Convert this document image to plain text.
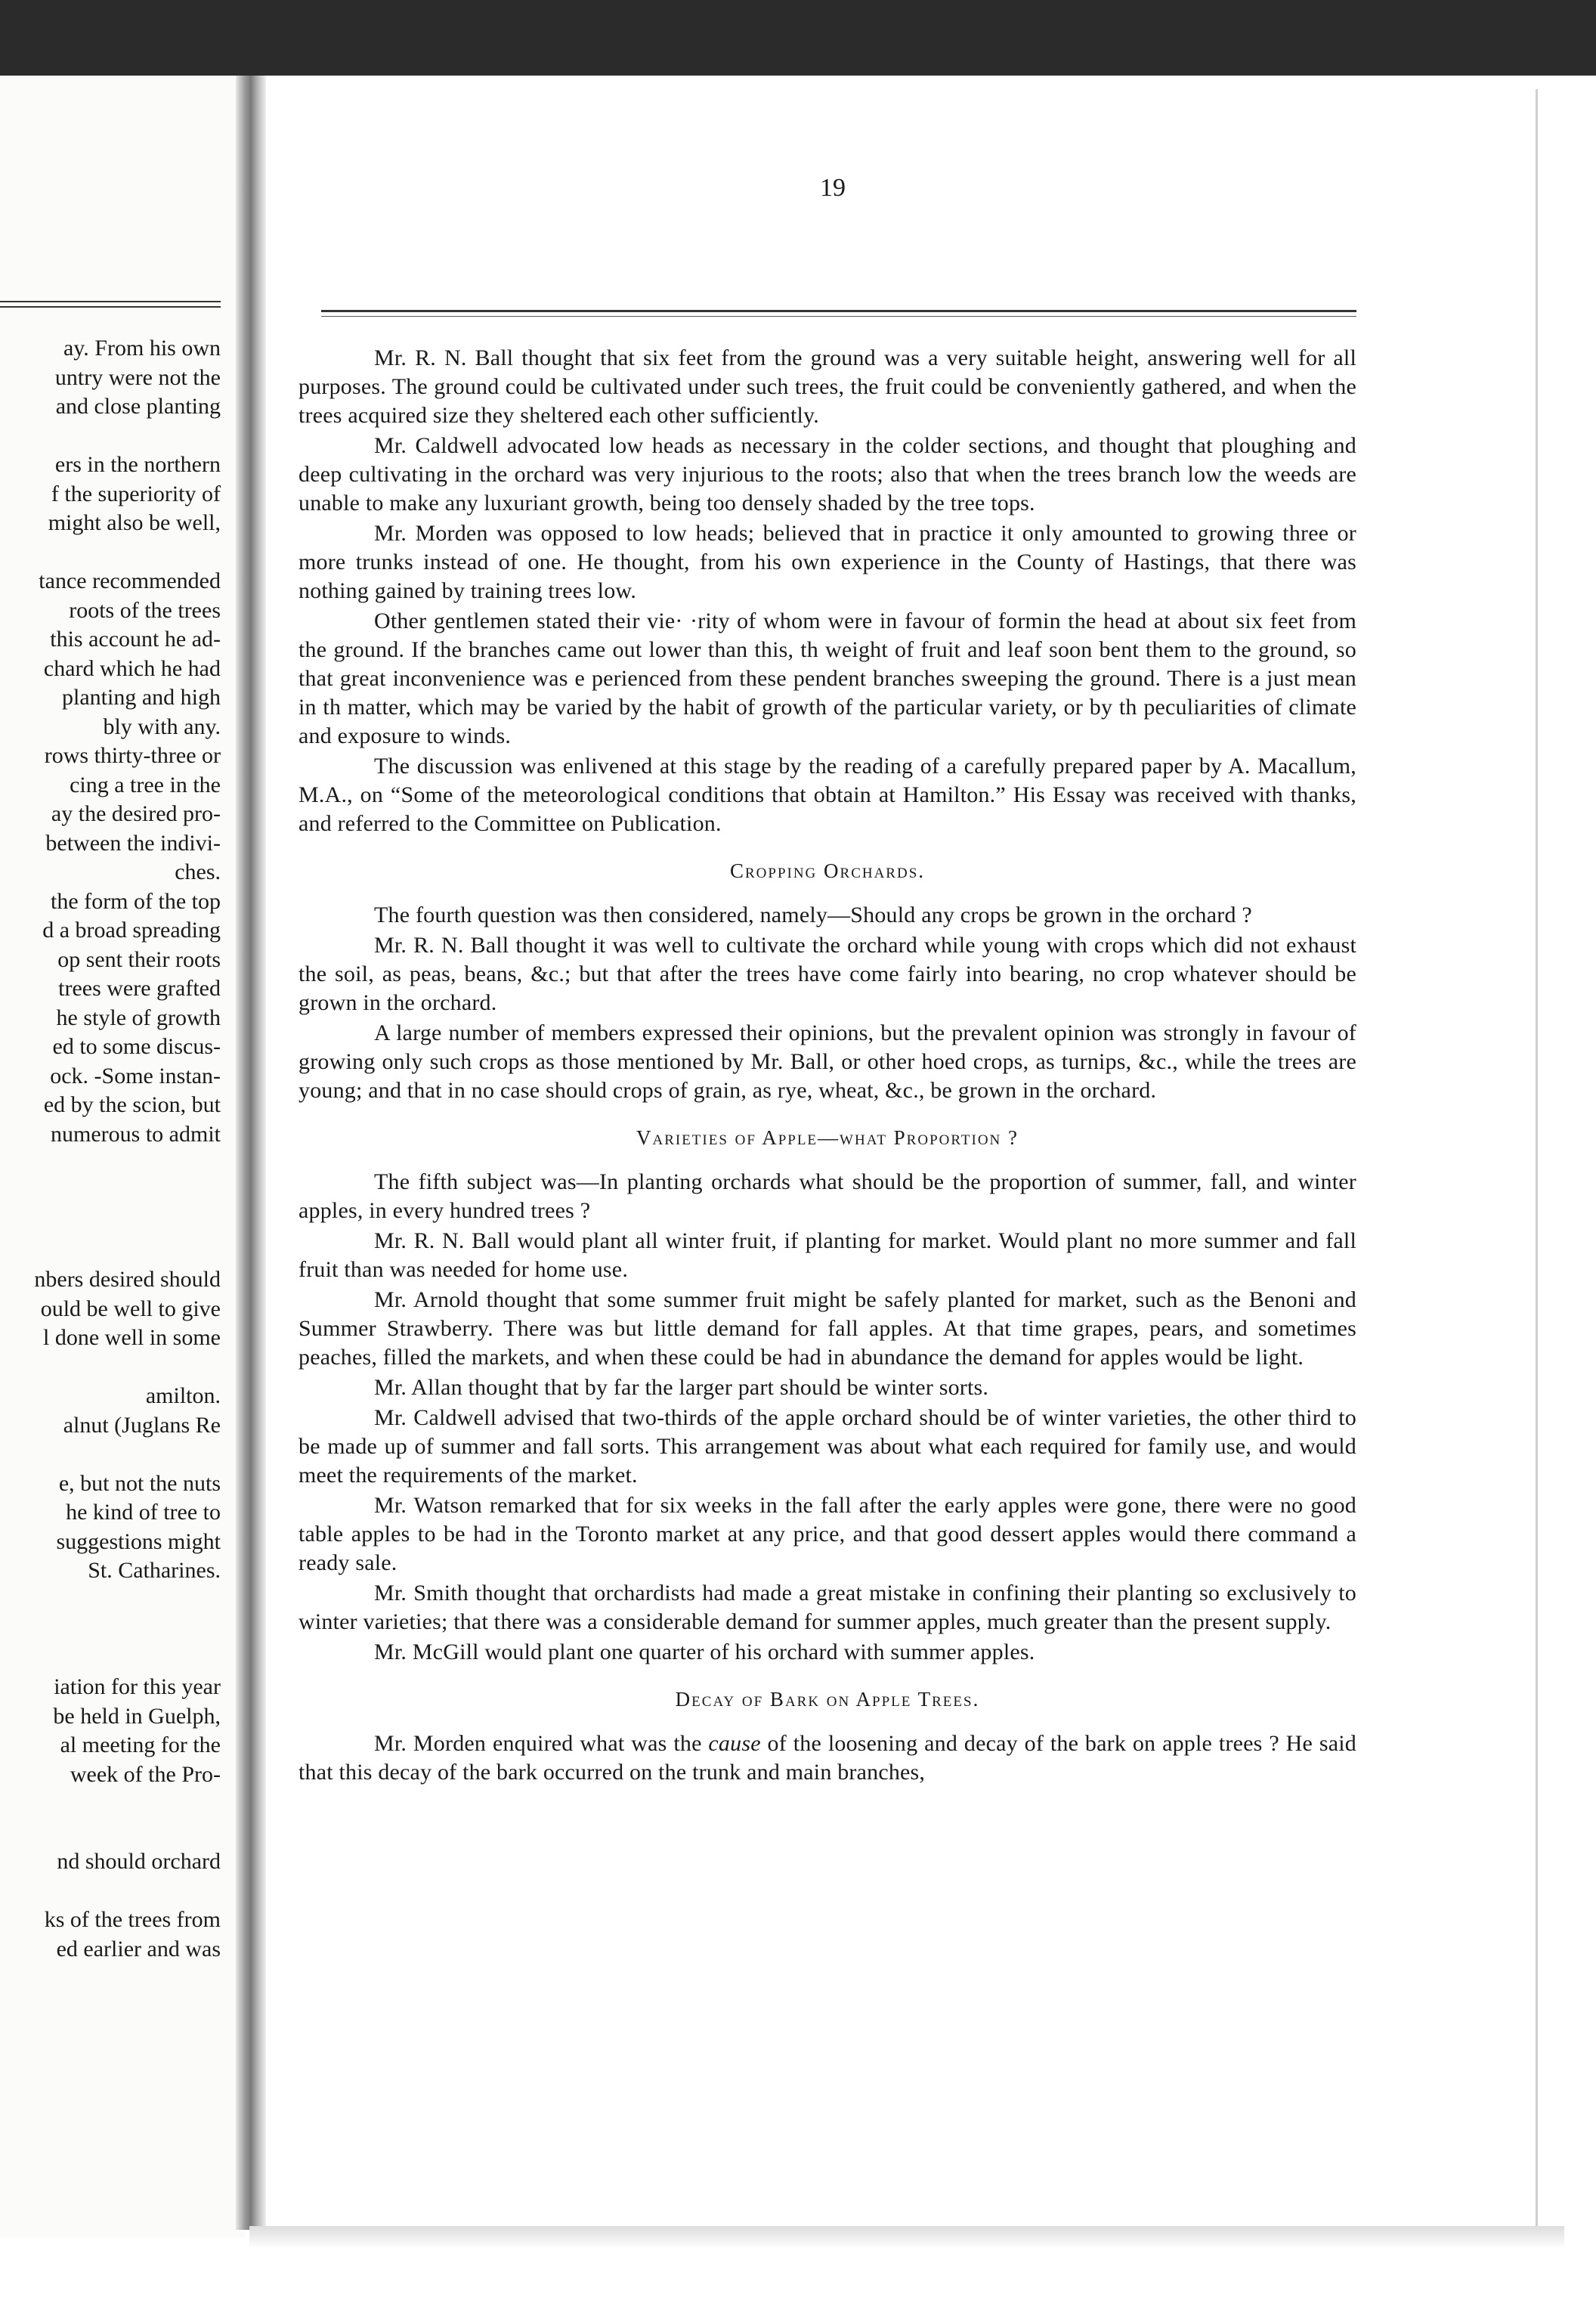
ay. From his own
untry were not the
and close planting
ers in the northern
f the superiority of
might also be well,
tance recommended
roots of the trees
this account he ad-
chard which he had
planting and high
bly with any.
rows thirty-three or
cing a tree in the
ay the desired pro-
between the indivi-
ches.
the form of the top
d a broad spreading
op sent their roots
trees were grafted
he style of growth
ed to some discus-
ock. -Some instan-
ed by the scion, but
numerous to admit
nbers desired should
ould be well to give
l done well in some
amilton.
alnut (Juglans Re
e, but not the nuts
he kind of tree to
suggestions might
St. Catharines.
iation for this year
be held in Guelph,
al meeting for the
week of the Pro-
nd should orchard
ks of the trees from
ed earlier and was
19

Mr. R. N. Ball thought that six feet from the ground was a very suitable height, answering well for all purposes. The ground could be cultivated under such trees, the fruit could be conveniently gathered, and when the trees acquired size they sheltered each other sufficiently.

Mr. Caldwell advocated low heads as necessary in the colder sections, and thought that ploughing and deep cultivating in the orchard was very injurious to the roots; also that when the trees branch low the weeds are unable to make any luxuriant growth, being too densely shaded by the tree tops.

Mr. Morden was opposed to low heads; believed that in practice it only amounted to growing three or more trunks instead of one. He thought, from his own experience in the County of Hastings, that there was nothing gained by training trees low.

Other gentlemen stated their vie· ·rity of whom were in favour of formin the head at about six feet from the ground. If the branches came out lower than this, th weight of fruit and leaf soon bent them to the ground, so that great inconvenience was e perienced from these pendent branches sweeping the ground. There is a just mean in th matter, which may be varied by the habit of growth of the particular variety, or by th peculiarities of climate and exposure to winds.

The discussion was enlivened at this stage by the reading of a carefully prepared paper by A. Macallum, M.A., on “Some of the meteorological conditions that obtain at Hamilton.” His Essay was received with thanks, and referred to the Committee on Publication.

Cropping Orchards.

The fourth question was then considered, namely—Should any crops be grown in the orchard ?

Mr. R. N. Ball thought it was well to cultivate the orchard while young with crops which did not exhaust the soil, as peas, beans, &c.; but that after the trees have come fairly into bearing, no crop whatever should be grown in the orchard.

A large number of members expressed their opinions, but the prevalent opinion was strongly in favour of growing only such crops as those mentioned by Mr. Ball, or other hoed crops, as turnips, &c., while the trees are young; and that in no case should crops of grain, as rye, wheat, &c., be grown in the orchard.

Varieties of Apple—what Proportion ?

The fifth subject was—In planting orchards what should be the proportion of summer, fall, and winter apples, in every hundred trees ?

Mr. R. N. Ball would plant all winter fruit, if planting for market. Would plant no more summer and fall fruit than was needed for home use.

Mr. Arnold thought that some summer fruit might be safely planted for market, such as the Benoni and Summer Strawberry. There was but little demand for fall apples. At that time grapes, pears, and sometimes peaches, filled the markets, and when these could be had in abundance the demand for apples would be light.

Mr. Allan thought that by far the larger part should be winter sorts.

Mr. Caldwell advised that two-thirds of the apple orchard should be of winter varieties, the other third to be made up of summer and fall sorts. This arrangement was about what each required for family use, and would meet the requirements of the market.

Mr. Watson remarked that for six weeks in the fall after the early apples were gone, there were no good table apples to be had in the Toronto market at any price, and that good dessert apples would there command a ready sale.

Mr. Smith thought that orchardists had made a great mistake in confining their planting so exclusively to winter varieties; that there was a considerable demand for summer apples, much greater than the present supply.

Mr. McGill would plant one quarter of his orchard with summer apples.

Decay of Bark on Apple Trees.

Mr. Morden enquired what was the cause of the loosening and decay of the bark on apple trees ? He said that this decay of the bark occurred on the trunk and main branches,
